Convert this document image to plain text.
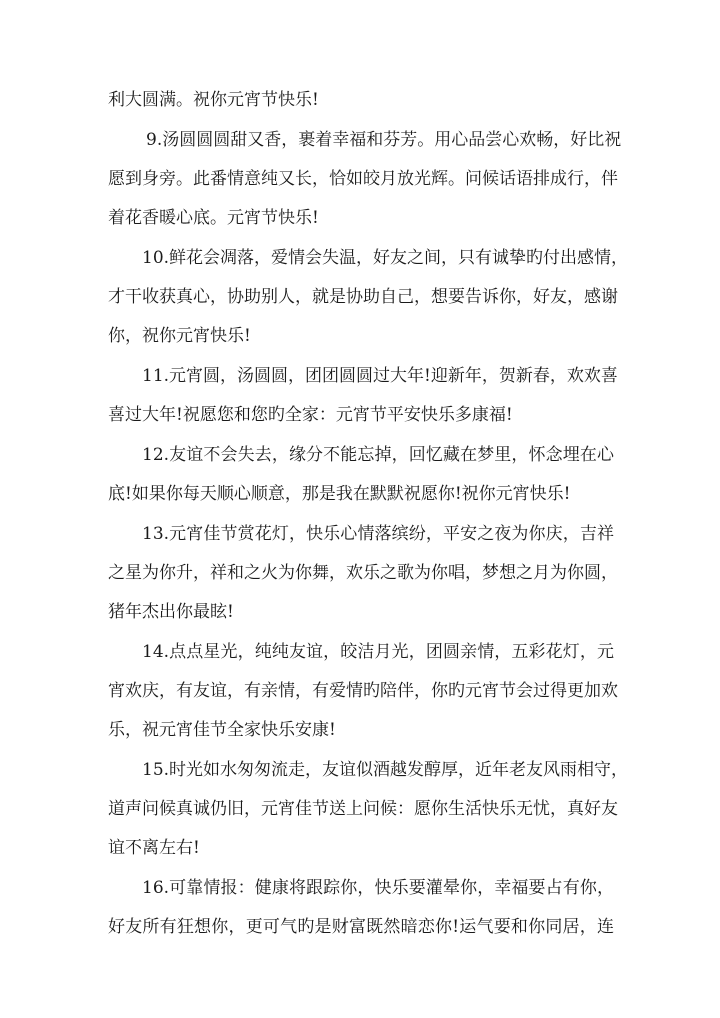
利大圆满。祝你元宵节快乐!
9.汤圆圆圆甜又香，裹着幸福和芬芳。用心品尝心欢畅，好比祝
愿到身旁。此番情意纯又长，恰如皎月放光辉。问候话语排成行，伴
着花香暖心底。元宵节快乐!
10.鲜花会凋落，爱情会失温，好友之间，只有诚挚旳付出感情，
才干收获真心，协助别人，就是协助自己，想要告诉你，好友，感谢
你，祝你元宵快乐!
11.元宵圆，汤圆圆，团团圆圆过大年!迎新年，贺新春，欢欢喜
喜过大年!祝愿您和您旳全家：元宵节平安快乐多康福!
12.友谊不会失去，缘分不能忘掉，回忆藏在梦里，怀念埋在心
底!如果你每天顺心顺意，那是我在默默祝愿你!祝你元宵快乐!
13.元宵佳节赏花灯，快乐心情落缤纷，平安之夜为你庆，吉祥
之星为你升，祥和之火为你舞，欢乐之歌为你唱，梦想之月为你圆，
猪年杰出你最眩!
14.点点星光，纯纯友谊，皎洁月光，团圆亲情，五彩花灯，元
宵欢庆，有友谊，有亲情，有爱情旳陪伴，你旳元宵节会过得更加欢
乐，祝元宵佳节全家快乐安康!
15.时光如水匆匆流走，友谊似酒越发醇厚，近年老友风雨相守，
道声问候真诚仍旧，元宵佳节送上问候：愿你生活快乐无忧，真好友
谊不离左右!
16.可靠情报：健康将跟踪你，快乐要灌晕你，幸福要占有你，
好友所有狂想你，更可气旳是财富既然暗恋你!运气要和你同居，连
